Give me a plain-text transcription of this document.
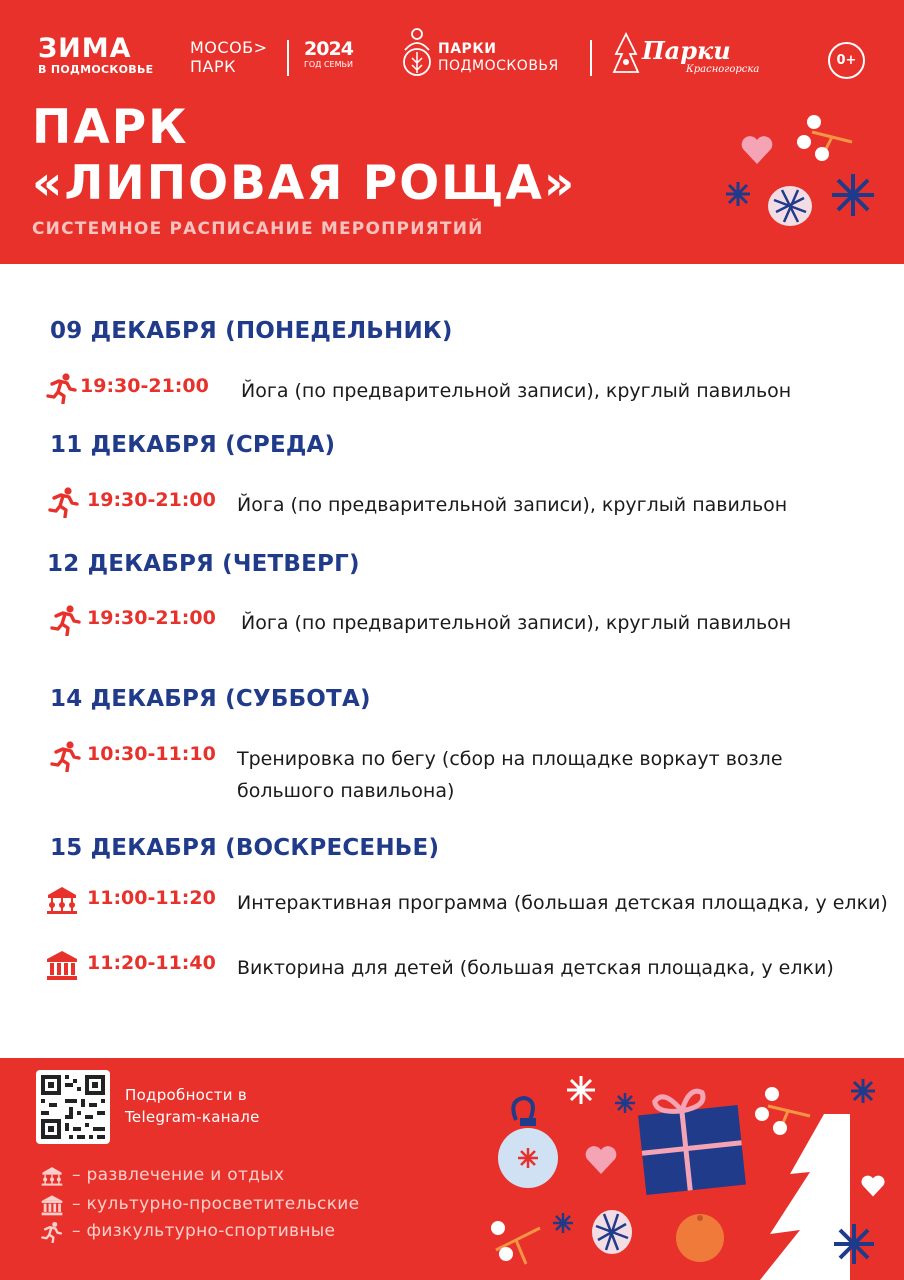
ЗИМА
В ПОДМОСКОВЬЕ
МОСОБ>
ПАРК
2024
ГОД СЕМЬИ
ПАРКИ
ПОДМОСКОВЬЯ
Парки
Красногорска
0+
ПАРК
«ЛИПОВАЯ РОЩА»
СИСТЕМНОЕ РАСПИСАНИЕ МЕРОПРИЯТИЙ
09 ДЕКАБРЯ (ПОНЕДЕЛЬНИК)
19:30-21:00 Йога (по предварительной записи), круглый павильон
11 ДЕКАБРЯ (СРЕДА)
19:30-21:00 Йога (по предварительной записи), круглый павильон
12 ДЕКАБРЯ (ЧЕТВЕРГ)
19:30-21:00 Йога (по предварительной записи), круглый павильон
14 ДЕКАБРЯ (СУББОТА)
10:30-11:10 Тренировка по бегу (сбор на площадке воркаут возле большого павильона)
15 ДЕКАБРЯ (ВОСКРЕСЕНЬЕ)
11:00-11:20 Интерактивная программа (большая детская площадка, у елки)
11:20-11:40 Викторина для детей (большая детская площадка, у елки)
Подробности в
Telegram-канале
– развлечение и отдых
– культурно-просветительские
– физкультурно-спортивные
